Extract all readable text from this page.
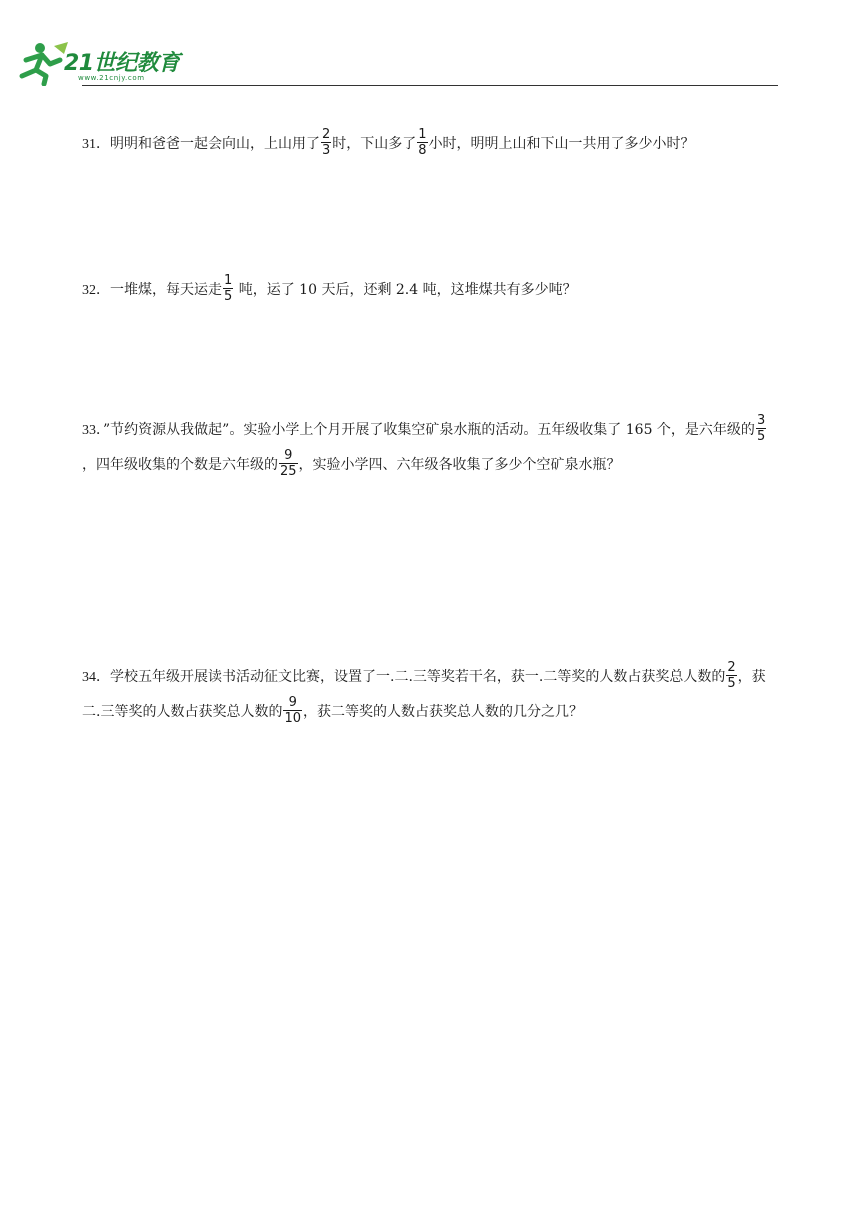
21世纪教育
www.21cnjy.com
31．明明和爸爸一起会向山，上山用了 $\frac{2}{3}$ 时，下山多了 $\frac{1}{8}$ 小时，明明上山和下山一共用了多少小时？
32．一堆煤，每天运走 $\frac{1}{5}$ 吨，运了 10 天后，还剩 2.4 吨，这堆煤共有多少吨？
33．”节约资源从我做起”。实验小学上个月开展了收集空矿泉水瓶的活动。五年级收集了 165 个，是六年级的 $\frac{3}{5}$
，四年级收集的个数是六年级的 $\frac{9}{25}$ ，实验小学四、六年级各收集了多少个空矿泉水瓶？
34．学校五年级开展读书活动征文比赛，设置了一.二.三等奖若干名，获一.二等奖的人数占获奖总人数的 $\frac{2}{5}$ ，获二.三等奖的人数占获奖总人数的 $\frac{9}{10}$ ，获二等奖的人数占获奖总人数的几分之几？
